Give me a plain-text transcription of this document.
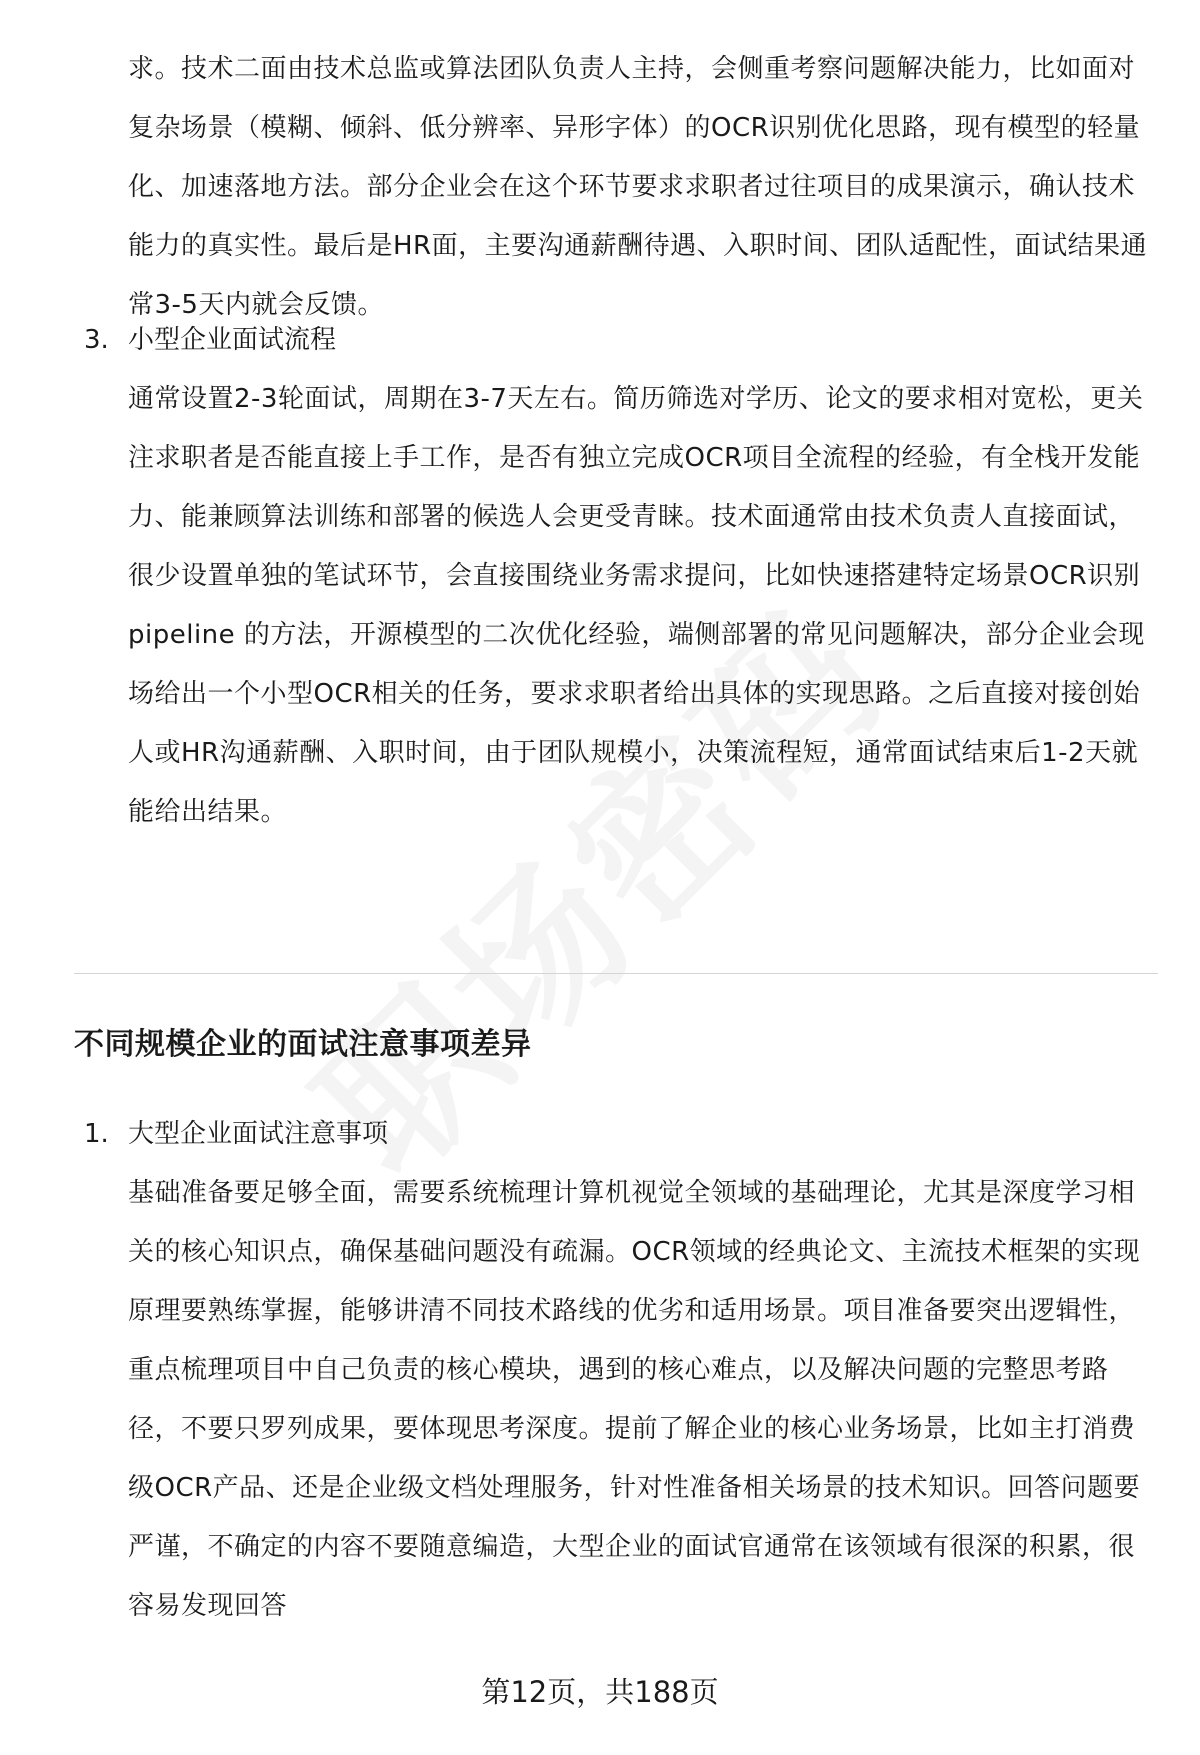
求。技术二面由技术总监或算法团队负责人主持，会侧重考察问题解决能力，比如面对复杂场景（模糊、倾斜、低分辨率、异形字体）的OCR识别优化思路，现有模型的轻量化、加速落地方法。部分企业会在这个环节要求求职者过往项目的成果演示，确认技术能力的真实性。最后是HR面，主要沟通薪酬待遇、入职时间、团队适配性，面试结果通常3-5天内就会反馈。

3. 小型企业面试流程

通常设置2-3轮面试，周期在3-7天左右。简历筛选对学历、论文的要求相对宽松，更关注求职者是否能直接上手工作，是否有独立完成OCR项目全流程的经验，有全栈开发能力、能兼顾算法训练和部署的候选人会更受青睐。技术面通常由技术负责人直接面试，很少设置单独的笔试环节，会直接围绕业务需求提问，比如快速搭建特定场景OCR识别 pipeline 的方法，开源模型的二次优化经验，端侧部署的常见问题解决，部分企业会现场给出一个小型OCR相关的任务，要求求职者给出具体的实现思路。之后直接对接创始人或HR沟通薪酬、入职时间，由于团队规模小，决策流程短，通常面试结束后1-2天就能给出结果。

不同规模企业的面试注意事项差异
1. 大型企业面试注意事项

基础准备要足够全面，需要系统梳理计算机视觉全领域的基础理论，尤其是深度学习相关的核心知识点，确保基础问题没有疏漏。OCR领域的经典论文、主流技术框架的实现原理要熟练掌握，能够讲清不同技术路线的优劣和适用场景。项目准备要突出逻辑性，重点梳理项目中自己负责的核心模块，遇到的核心难点，以及解决问题的完整思考路径，不要只罗列成果，要体现思考深度。提前了解企业的核心业务场景，比如主打消费级OCR产品、还是企业级文档处理服务，针对性准备相关场景的技术知识。回答问题要严谨，不确定的内容不要随意编造，大型企业的面试官通常在该领域有很深的积累，很容易发现回答

第12页，共188页
